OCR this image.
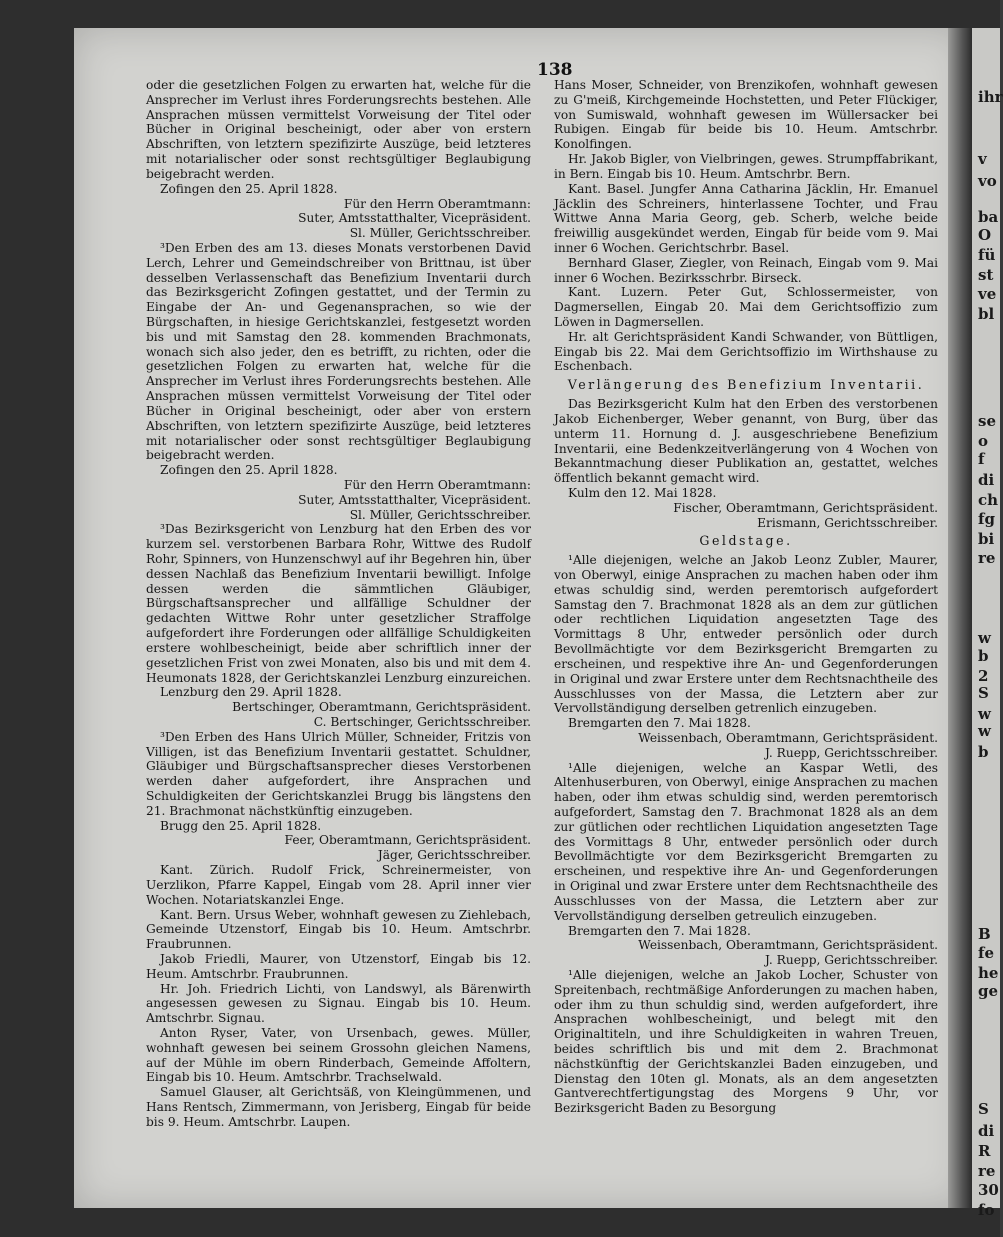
ihr
v
vo
ba
O
fü
st
ve
bl
se
o
f
di
ch
fg
bi
re
w
b
2
S
w
w
b
B
fe
he
ge
S
di
R
re
30
fo
138

oder die gesetzlichen Folgen zu erwarten hat, welche für die Ansprecher im Verlust ihres Forderungsrechts bestehen. Alle Ansprachen müssen vermittelst Vorweisung der Titel oder Bücher in Original bescheinigt, oder aber von erstern Abschriften, von letztern spezifizirte Auszüge, beid letzteres mit notarialischer oder sonst rechtsgültiger Beglaubigung beigebracht werden.

Zofingen den 25. April 1828.

Für den Herrn Oberamtmann:

Suter, Amtsstatthalter, Vicepräsident.

Sl. Müller, Gerichtsschreiber.

³Den Erben des am 13. dieses Monats verstorbenen David Lerch, Lehrer und Gemeindschreiber von Brittnau, ist über desselben Verlassenschaft das Benefizium Inventarii durch das Bezirksgericht Zofingen gestattet, und der Termin zu Eingabe der An- und Gegenansprachen, so wie der Bürgschaften, in hiesige Gerichtskanzlei, festgesetzt worden bis und mit Samstag den 28. kommenden Brachmonats, wonach sich also jeder, den es betrifft, zu richten, oder die gesetzlichen Folgen zu erwarten hat, welche für die Ansprecher im Verlust ihres Forderungsrechts bestehen. Alle Ansprachen müssen vermittelst Vorweisung der Titel oder Bücher in Original bescheinigt, oder aber von erstern Abschriften, von letztern spezifizirte Auszüge, beid letzteres mit notarialischer oder sonst rechtsgültiger Beglaubigung beigebracht werden.

Zofingen den 25. April 1828.

Für den Herrn Oberamtmann:

Suter, Amtsstatthalter, Vicepräsident.

Sl. Müller, Gerichtsschreiber.

³Das Bezirksgericht von Lenzburg hat den Erben des vor kurzem sel. verstorbenen Barbara Rohr, Wittwe des Rudolf Rohr, Spinners, von Hunzenschwyl auf ihr Begehren hin, über dessen Nachlaß das Benefizium Inventarii bewilligt. Infolge dessen werden die sämmtlichen Gläubiger, Bürgschaftsansprecher und allfällige Schuldner der gedachten Wittwe Rohr unter gesetzlicher Straffolge aufgefordert ihre Forderungen oder allfällige Schuldigkeiten erstere wohlbescheinigt, beide aber schriftlich inner der gesetzlichen Frist von zwei Monaten, also bis und mit dem 4. Heumonats 1828, der Gerichtskanzlei Lenzburg einzureichen.

Lenzburg den 29. April 1828.

Bertschinger, Oberamtmann, Gerichtspräsident.

C. Bertschinger, Gerichtsschreiber.

³Den Erben des Hans Ulrich Müller, Schneider, Fritzis von Villigen, ist das Benefizium Inventarii gestattet. Schuldner, Gläubiger und Bürgschaftsansprecher dieses Verstorbenen werden daher aufgefordert, ihre Ansprachen und Schuldigkeiten der Gerichtskanzlei Brugg bis längstens den 21. Brachmonat nächstkünftig einzugeben.

Brugg den 25. April 1828.

Feer, Oberamtmann, Gerichtspräsident.

Jäger, Gerichtsschreiber.

Kant. Zürich. Rudolf Frick, Schreinermeister, von Uerzlikon, Pfarre Kappel, Eingab vom 28. April inner vier Wochen. Notariatskanzlei Enge.

Kant. Bern. Ursus Weber, wohnhaft gewesen zu Ziehlebach, Gemeinde Utzenstorf, Eingab bis 10. Heum. Amtschrbr. Fraubrunnen.

Jakob Friedli, Maurer, von Utzenstorf, Eingab bis 12. Heum. Amtschrbr. Fraubrunnen.

Hr. Joh. Friedrich Lichti, von Landswyl, als Bärenwirth angesessen gewesen zu Signau. Eingab bis 10. Heum. Amtschrbr. Signau.

Anton Ryser, Vater, von Ursenbach, gewes. Müller, wohnhaft gewesen bei seinem Grossohn gleichen Namens, auf der Mühle im obern Rinderbach, Gemeinde Affoltern, Eingab bis 10. Heum. Amtschrbr. Trachselwald.

Samuel Glauser, alt Gerichtsäß, von Kleingümmenen, und Hans Rentsch, Zimmermann, von Jerisberg, Eingab für beide bis 9. Heum. Amtschrbr. Laupen.

Hans Moser, Schneider, von Brenzikofen, wohnhaft gewesen zu G'meiß, Kirchgemeinde Hochstetten, und Peter Flückiger, von Sumiswald, wohnhaft gewesen im Wüllersacker bei Rubigen. Eingab für beide bis 10. Heum. Amtschrbr. Konolfingen.

Hr. Jakob Bigler, von Vielbringen, gewes. Strumpffabrikant, in Bern. Eingab bis 10. Heum. Amtschrbr. Bern.

Kant. Basel. Jungfer Anna Catharina Jäcklin, Hr. Emanuel Jäcklin des Schreiners, hinterlassene Tochter, und Frau Wittwe Anna Maria Georg, geb. Scherb, welche beide freiwillig ausgekündet werden, Eingab für beide vom 9. Mai inner 6 Wochen. Gerichtschrbr. Basel.

Bernhard Glaser, Ziegler, von Reinach, Eingab vom 9. Mai inner 6 Wochen. Bezirksschrbr. Birseck.

Kant. Luzern. Peter Gut, Schlossermeister, von Dagmersellen, Eingab 20. Mai dem Gerichtsoffizio zum Löwen in Dagmersellen.

Hr. alt Gerichtspräsident Kandi Schwander, von Büttligen, Eingab bis 22. Mai dem Gerichtsoffizio im Wirthshause zu Eschenbach.

Verlängerung des Benefizium Inventarii.

Das Bezirksgericht Kulm hat den Erben des verstorbenen Jakob Eichenberger, Weber genannt, von Burg, über das unterm 11. Hornung d. J. ausgeschriebene Benefizium Inventarii, eine Bedenkzeitverlängerung von 4 Wochen von Bekanntmachung dieser Publikation an, gestattet, welches öffentlich bekannt gemacht wird.

Kulm den 12. Mai 1828.

Fischer, Oberamtmann, Gerichtspräsident.

Erismann, Gerichtsschreiber.

Geldstage.

¹Alle diejenigen, welche an Jakob Leonz Zubler, Maurer, von Oberwyl, einige Ansprachen zu machen haben oder ihm etwas schuldig sind, werden peremtorisch aufgefordert Samstag den 7. Brachmonat 1828 als an dem zur gütlichen oder rechtlichen Liquidation angesetzten Tage des Vormittags 8 Uhr, entweder persönlich oder durch Bevollmächtigte vor dem Bezirksgericht Bremgarten zu erscheinen, und respektive ihre An- und Gegenforderungen in Original und zwar Erstere unter dem Rechtsnachtheile des Ausschlusses von der Massa, die Letztern aber zur Vervollständigung derselben getrenlich einzugeben.

Bremgarten den 7. Mai 1828.

Weissenbach, Oberamtmann, Gerichtspräsident.

J. Ruepp, Gerichtsschreiber.

¹Alle diejenigen, welche an Kaspar Wetli, des Altenhuserburen, von Oberwyl, einige Ansprachen zu machen haben, oder ihm etwas schuldig sind, werden peremtorisch aufgefordert, Samstag den 7. Brachmonat 1828 als an dem zur gütlichen oder rechtlichen Liquidation angesetzten Tage des Vormittags 8 Uhr, entweder persönlich oder durch Bevollmächtigte vor dem Bezirksgericht Bremgarten zu erscheinen, und respektive ihre An- und Gegenforderungen in Original und zwar Erstere unter dem Rechtsnachtheile des Ausschlusses von der Massa, die Letztern aber zur Vervollständigung derselben getreulich einzugeben.

Bremgarten den 7. Mai 1828.

Weissenbach, Oberamtmann, Gerichtspräsident.

J. Ruepp, Gerichtsschreiber.

¹Alle diejenigen, welche an Jakob Locher, Schuster von Spreitenbach, rechtmäßige Anforderungen zu machen haben, oder ihm zu thun schuldig sind, werden aufgefordert, ihre Ansprachen wohlbescheinigt, und belegt mit den Originaltiteln, und ihre Schuldigkeiten in wahren Treuen, beides schriftlich bis und mit dem 2. Brachmonat nächstkünftig der Gerichtskanzlei Baden einzugeben, und Dienstag den 10ten gl. Monats, als an dem angesetzten Gantverechtfertigungstag des Morgens 9 Uhr, vor Bezirksgericht Baden zu Besorgung
